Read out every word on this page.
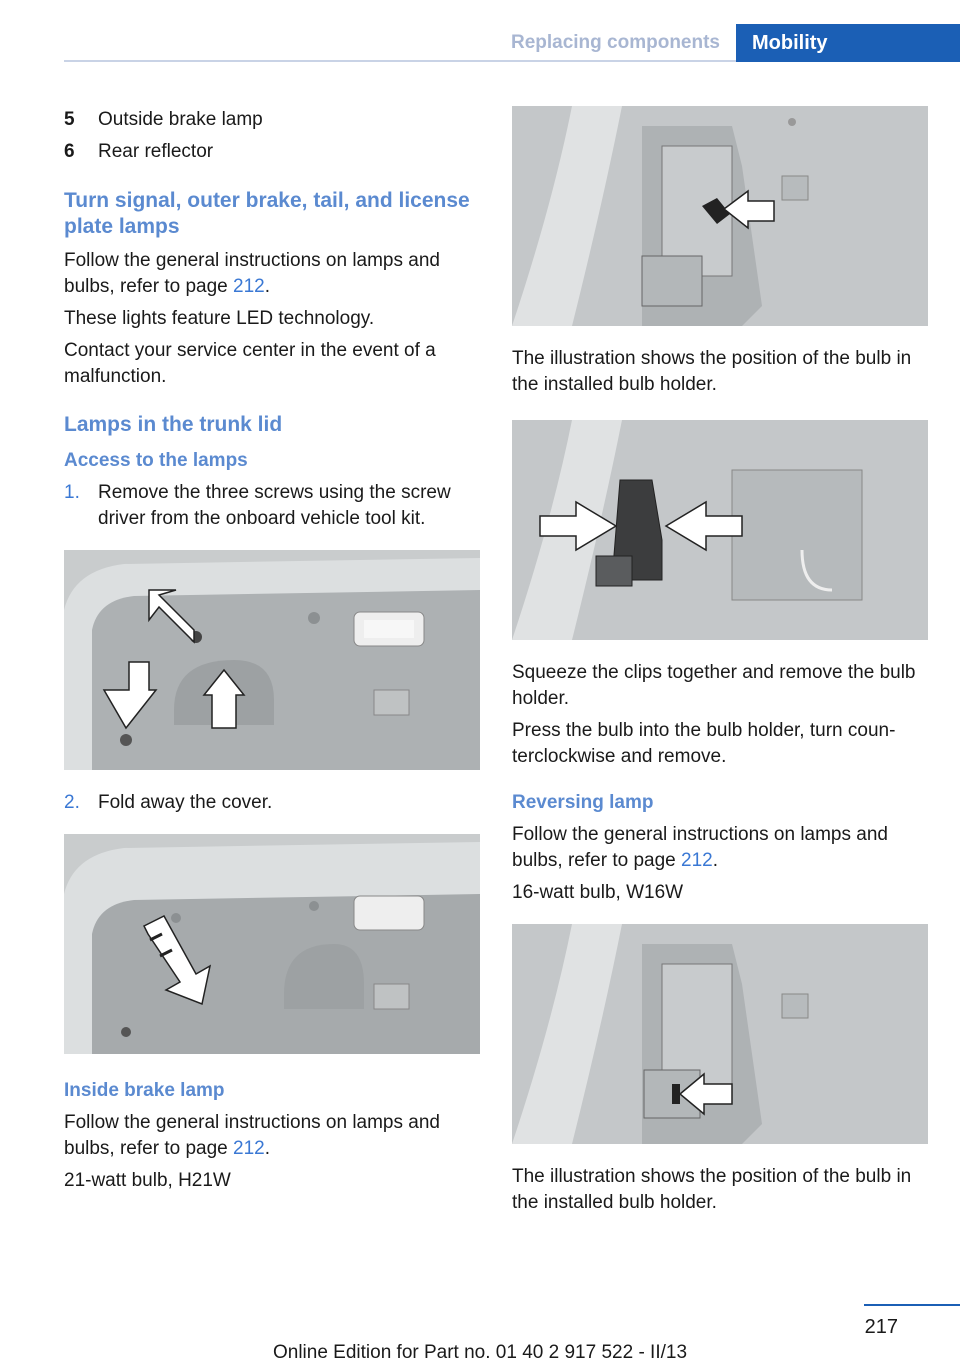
Replacing components	Mobility
5	Outside brake lamp
6	Rear reflector
Turn signal, outer brake, tail, and license plate lamps

Follow the general instructions on lamps and bulbs, refer to page 212.

These lights feature LED technology.

Contact your service center in the event of a malfunction.

Lamps in the trunk lid
Access to the lamps
1. Remove the three screws using the screw driver from the onboard vehicle tool kit.
2. Fold away the cover.
Inside brake lamp

Follow the general instructions on lamps and bulbs, refer to page 212.

21-watt bulb, H21W

The illustration shows the position of the bulb in the installed bulb holder.

Squeeze the clips together and remove the bulb holder.

Press the bulb into the bulb holder, turn coun‐terclockwise and remove.

Reversing lamp

Follow the general instructions on lamps and bulbs, refer to page 212.

16-watt bulb, W16W

The illustration shows the position of the bulb in the installed bulb holder.

217
Online Edition for Part no. 01 40 2 917 522 - II/13
